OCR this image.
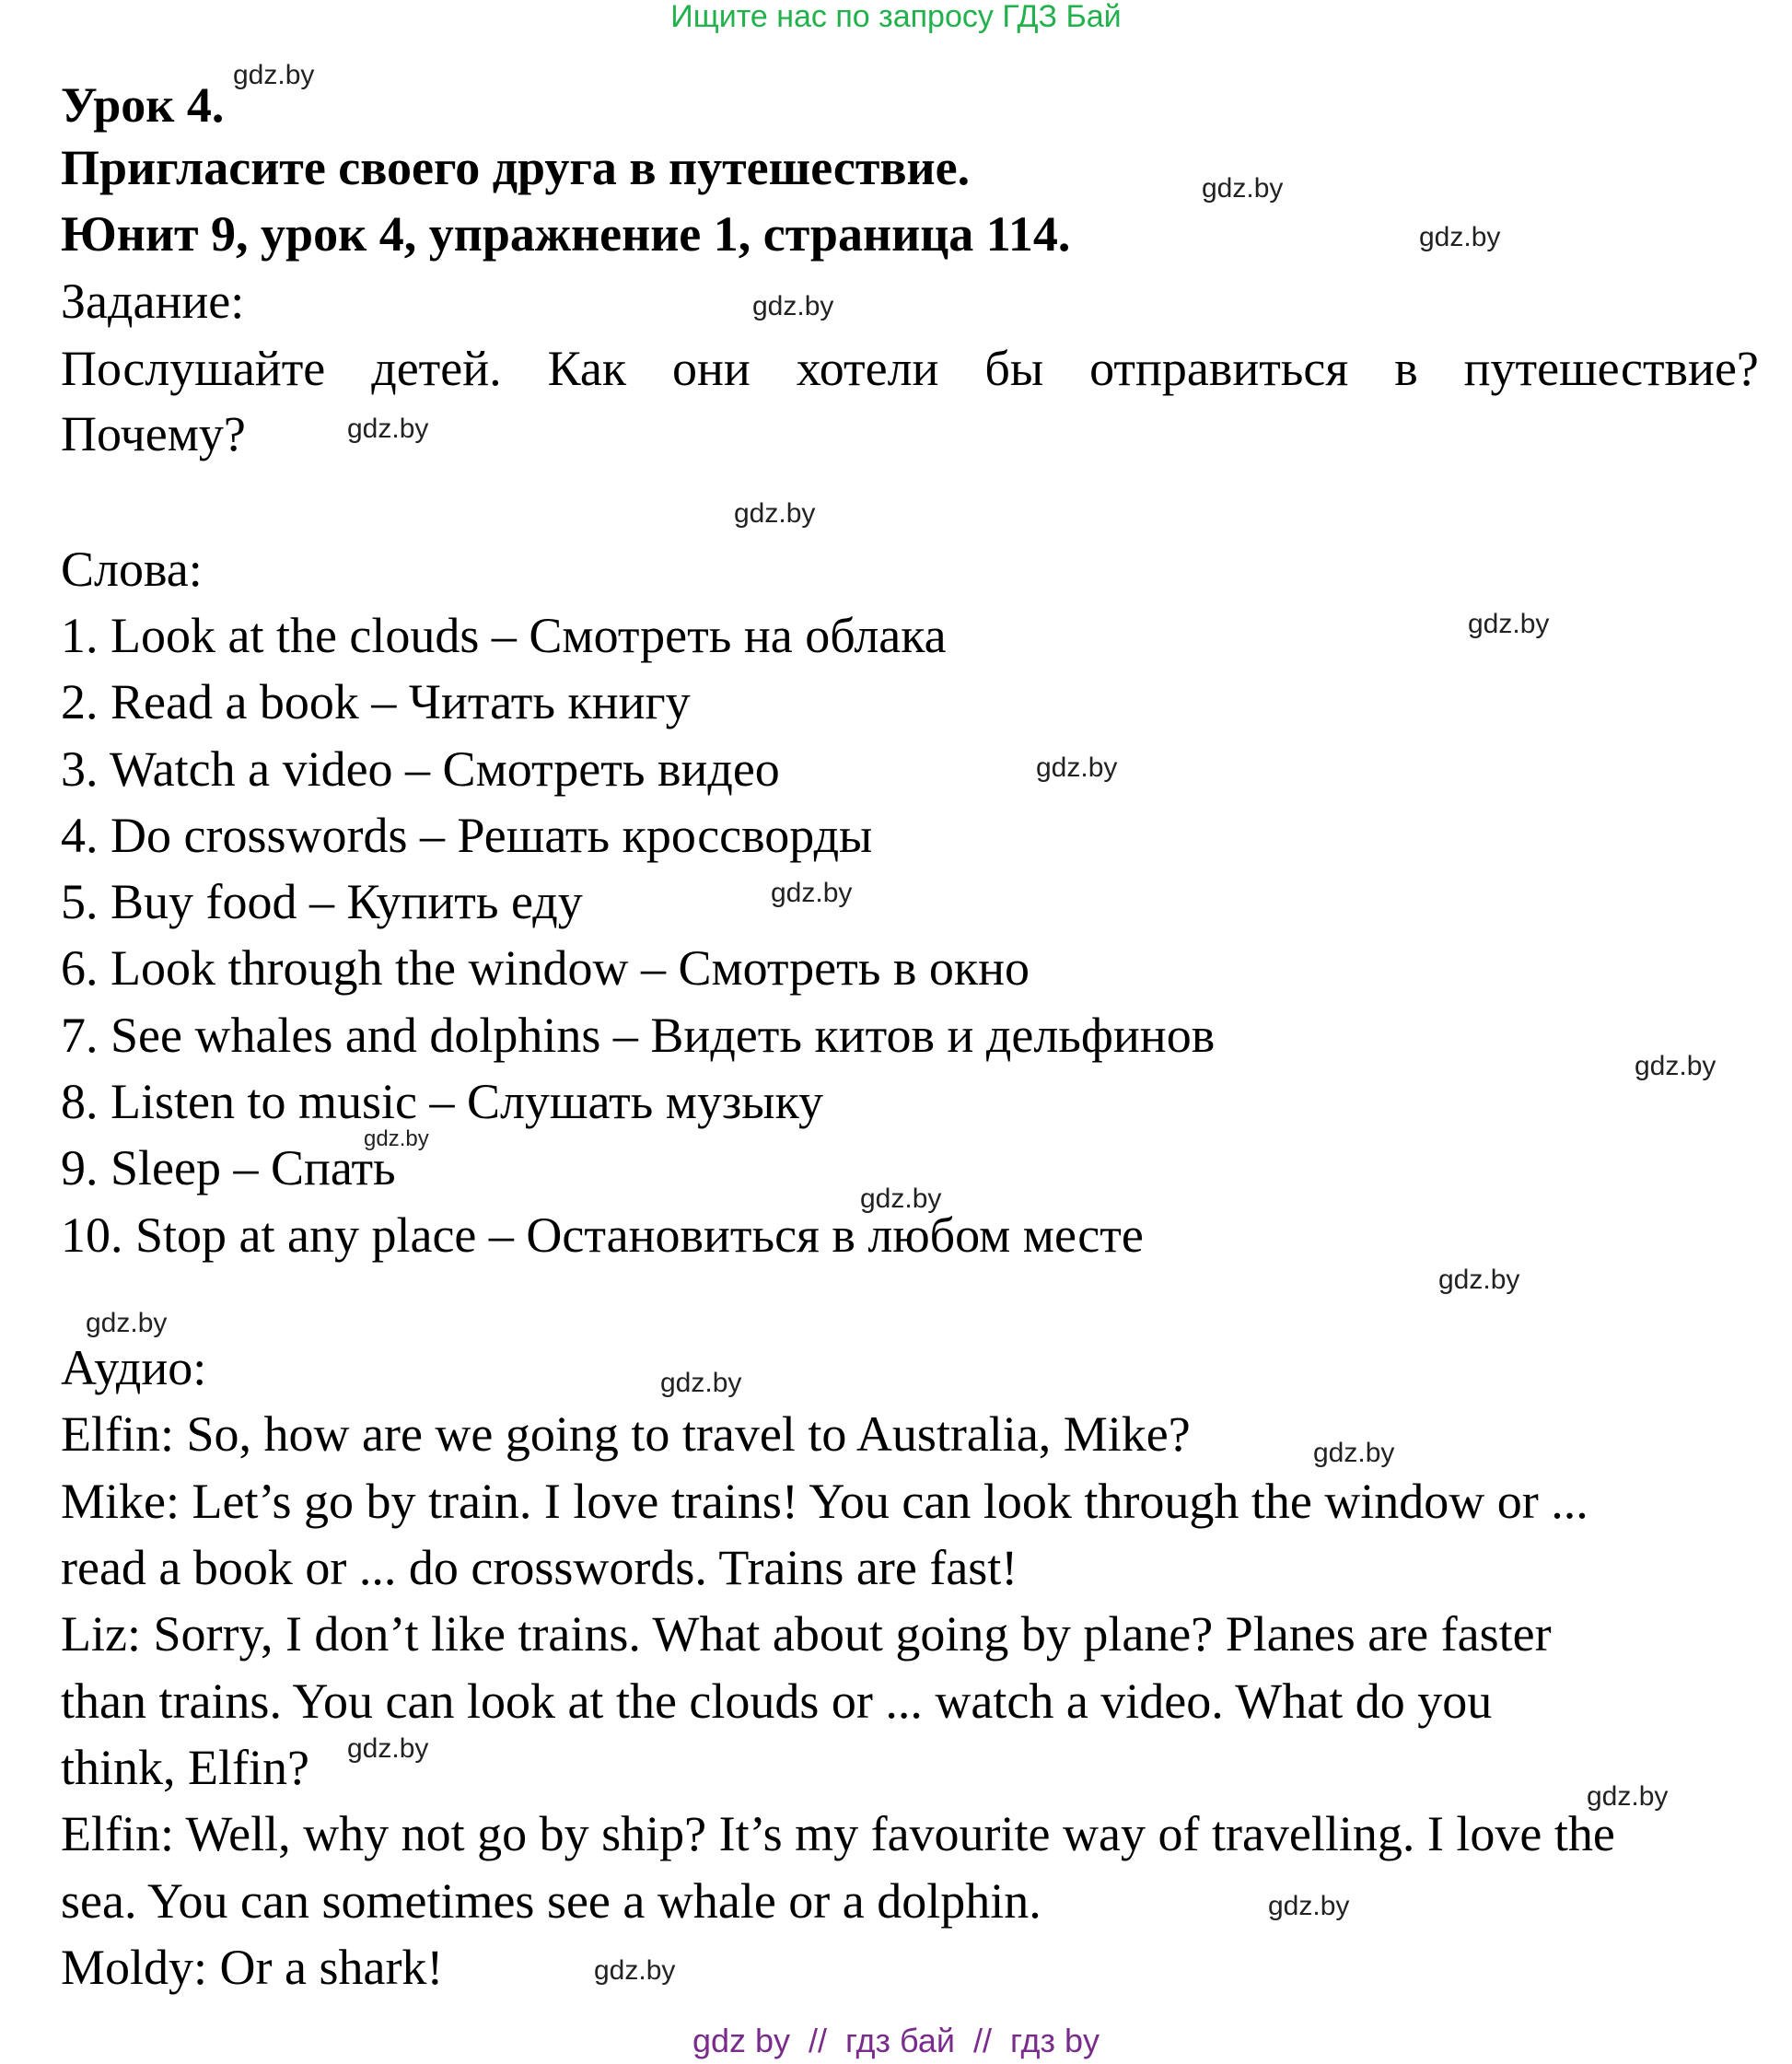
Ищите нас по запросу ГДЗ Бай
Урок 4.
Пригласите своего друга в путешествие.
Юнит 9, урок 4, упражнение 1, страница 114.
Задание:
Послушайте детей. Как они хотели бы отправиться в путешествие?
Почему?
Слова:
1. Look at the clouds – Смотреть на облака
2. Read a book – Читать книгу
3. Watch a video – Смотреть видео
4. Do crosswords – Решать кроссворды
5. Buy food – Купить еду
6. Look through the window – Смотреть в окно
7. See whales and dolphins – Видеть китов и дельфинов
8. Listen to music – Слушать музыку
9. Sleep – Спать
10. Stop at any place – Остановиться в любом месте
Аудио:
Elfin: So, how are we going to travel to Australia, Mike?
Mike: Let’s go by train. I love trains! You can look through the window or ...
read a book or ... do crosswords. Trains are fast!
Liz: Sorry, I don’t like trains. What about going by plane? Planes are faster
than trains. You can look at the clouds or ... watch a video. What do you
think, Elfin?
Elfin: Well, why not go by ship? It’s my favourite way of travelling. I love the
sea. You can sometimes see a whale or a dolphin.
Moldy: Or a shark!
gdz.by
gdz.by
gdz.by
gdz.by
gdz.by
gdz.by
gdz.by
gdz.by
gdz.by
gdz.by
gdz.by
gdz.by
gdz.by
gdz.by
gdz.by
gdz.by
gdz.by
gdz.by
gdz.by
gdz.by
gdz by  //  гдз бай  //  гдз by
